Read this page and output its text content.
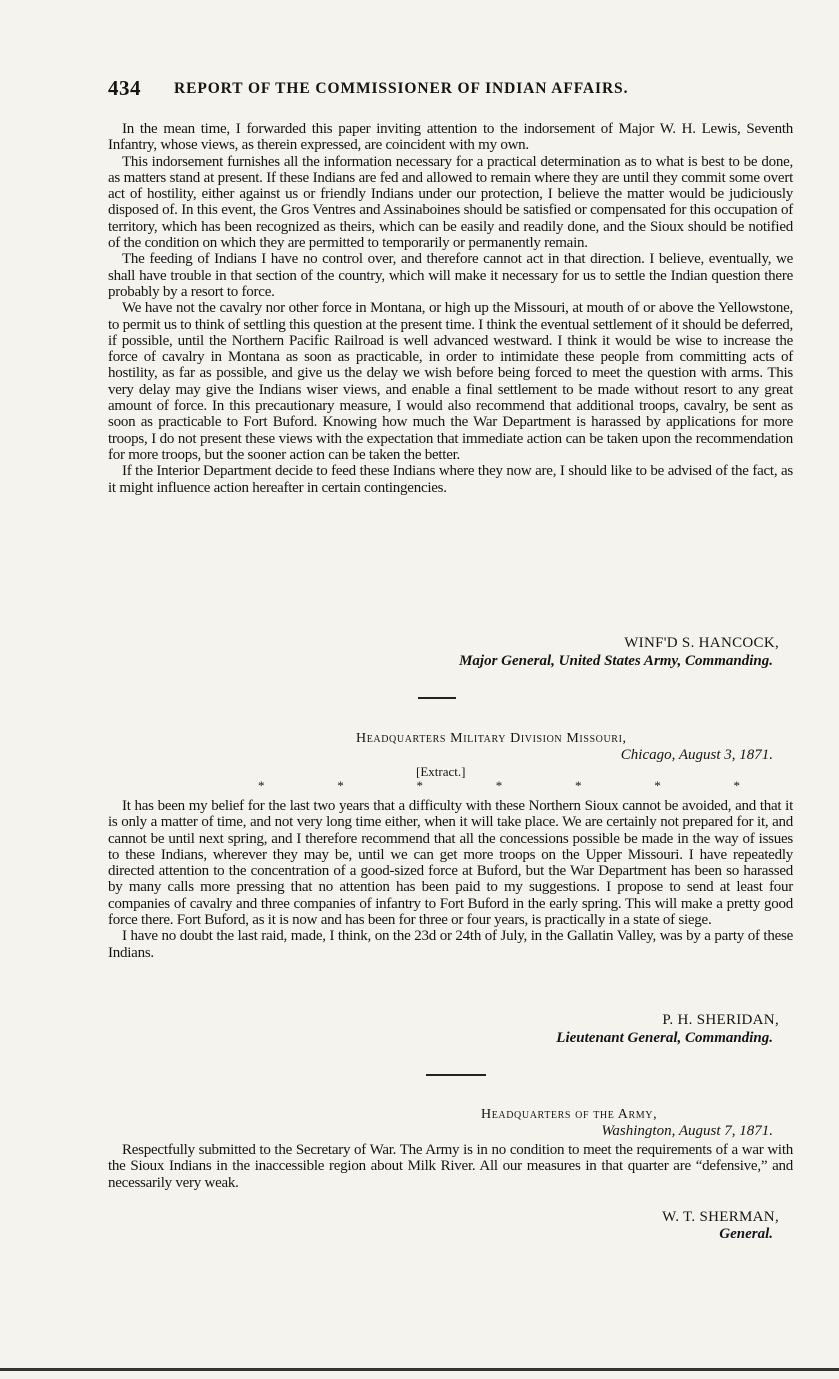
434 REPORT OF THE COMMISSIONER OF INDIAN AFFAIRS.

In the mean time, I forwarded this paper inviting attention to the indorsement of Major W. H. Lewis, Seventh Infantry, whose views, as therein expressed, are coincident with my own.

This indorsement furnishes all the information necessary for a practical determination as to what is best to be done, as matters stand at present. If these Indians are fed and allowed to remain where they are until they commit some overt act of hostility, either against us or friendly Indians under our protection, I believe the matter would be judiciously disposed of. In this event, the Gros Ventres and Assinaboines should be satisfied or compensated for this occupation of territory, which has been recognized as theirs, which can be easily and readily done, and the Sioux should be notified of the condition on which they are permitted to temporarily or permanently remain.

The feeding of Indians I have no control over, and therefore cannot act in that direction. I believe, eventually, we shall have trouble in that section of the country, which will make it necessary for us to settle the Indian question there probably by a resort to force.

We have not the cavalry nor other force in Montana, or high up the Missouri, at mouth of or above the Yellowstone, to permit us to think of settling this question at the present time. I think the eventual settlement of it should be deferred, if possible, until the Northern Pacific Railroad is well advanced westward. I think it would be wise to increase the force of cavalry in Montana as soon as practicable, in order to intimidate these people from committing acts of hostility, as far as possible, and give us the delay we wish before being forced to meet the question with arms. This very delay may give the Indians wiser views, and enable a final settlement to be made without resort to any great amount of force. In this precautionary measure, I would also recommend that additional troops, cavalry, be sent as soon as practicable to Fort Buford. Knowing how much the War Department is harassed by applications for more troops, I do not present these views with the expectation that immediate action can be taken upon the recommendation for more troops, but the sooner action can be taken the better.

If the Interior Department decide to feed these Indians where they now are, I should like to be advised of the fact, as it might influence action hereafter in certain contingencies.

WINF'D S. HANCOCK,
Major General, United States Army, Commanding.
Headquarters Military Division Missouri,
Chicago, August 3, 1871.
[Extract.]
*	*	*	*	*	*	*

It has been my belief for the last two years that a difficulty with these Northern Sioux cannot be avoided, and that it is only a matter of time, and not very long time either, when it will take place. We are certainly not prepared for it, and cannot be until next spring, and I therefore recommend that all the concessions possible be made in the way of issues to these Indians, wherever they may be, until we can get more troops on the Upper Missouri. I have repeatedly directed attention to the concentration of a good-sized force at Buford, but the War Department has been so harassed by many calls more pressing that no attention has been paid to my suggestions. I propose to send at least four companies of cavalry and three companies of infantry to Fort Buford in the early spring. This will make a pretty good force there. Fort Buford, as it is now and has been for three or four years, is practically in a state of siege.

I have no doubt the last raid, made, I think, on the 23d or 24th of July, in the Gallatin Valley, was by a party of these Indians.

P. H. SHERIDAN,
Lieutenant General, Commanding.
Headquarters of the Army,
Washington, August 7, 1871.

Respectfully submitted to the Secretary of War. The Army is in no condition to meet the requirements of a war with the Sioux Indians in the inaccessible region about Milk River. All our measures in that quarter are “defensive,” and necessarily very weak.

W. T. SHERMAN,
General.
